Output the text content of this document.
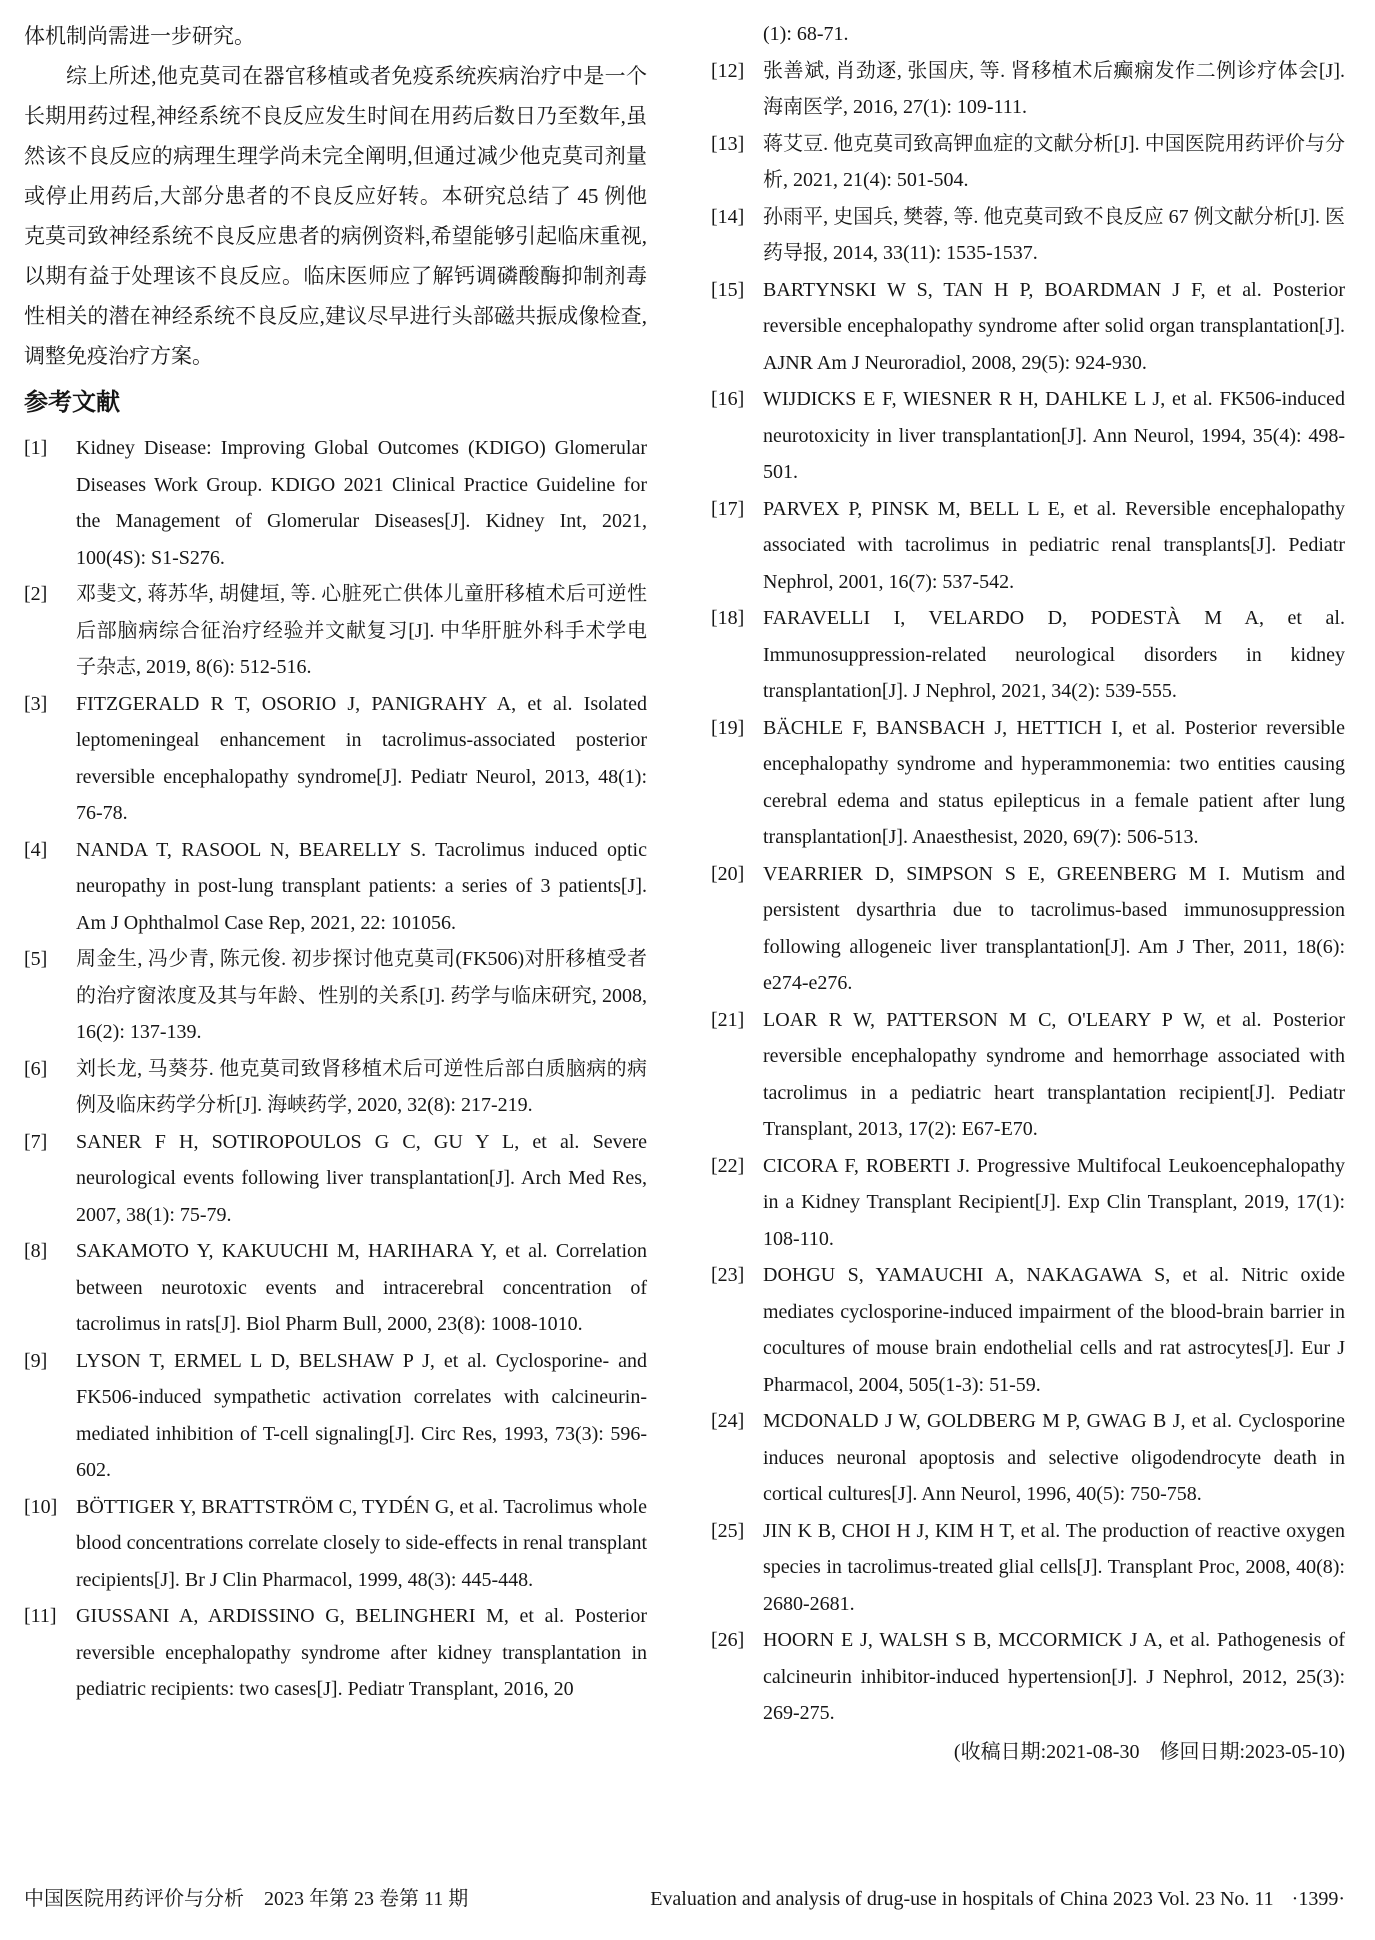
体机制尚需进一步研究。
综上所述,他克莫司在器官移植或者免疫系统疾病治疗中是一个长期用药过程,神经系统不良反应发生时间在用药后数日乃至数年,虽然该不良反应的病理生理学尚未完全阐明,但通过减少他克莫司剂量或停止用药后,大部分患者的不良反应好转。本研究总结了 45 例他克莫司致神经系统不良反应患者的病例资料,希望能够引起临床重视,以期有益于处理该不良反应。临床医师应了解钙调磷酸酶抑制剂毒性相关的潜在神经系统不良反应,建议尽早进行头部磁共振成像检查,调整免疫治疗方案。
参考文献
[1]	Kidney Disease: Improving Global Outcomes (KDIGO) Glomerular Diseases Work Group. KDIGO 2021 Clinical Practice Guideline for the Management of Glomerular Diseases[J]. Kidney Int, 2021, 100(4S): S1-S276.
[2]	邓斐文, 蒋苏华, 胡健垣, 等. 心脏死亡供体儿童肝移植术后可逆性后部脑病综合征治疗经验并文献复习[J]. 中华肝脏外科手术学电子杂志, 2019, 8(6): 512-516.
[3]	FITZGERALD R T, OSORIO J, PANIGRAHY A, et al. Isolated leptomeningeal enhancement in tacrolimus-associated posterior reversible encephalopathy syndrome[J]. Pediatr Neurol, 2013, 48(1): 76-78.
[4]	NANDA T, RASOOL N, BEARELLY S. Tacrolimus induced optic neuropathy in post-lung transplant patients: a series of 3 patients[J]. Am J Ophthalmol Case Rep, 2021, 22: 101056.
[5]	周金生, 冯少青, 陈元俊. 初步探讨他克莫司(FK506)对肝移植受者的治疗窗浓度及其与年龄、性别的关系[J]. 药学与临床研究, 2008, 16(2): 137-139.
[6]	刘长龙, 马葵芬. 他克莫司致肾移植术后可逆性后部白质脑病的病例及临床药学分析[J]. 海峡药学, 2020, 32(8): 217-219.
[7]	SANER F H, SOTIROPOULOS G C, GU Y L, et al. Severe neurological events following liver transplantation[J]. Arch Med Res, 2007, 38(1): 75-79.
[8]	SAKAMOTO Y, KAKUUCHI M, HARIHARA Y, et al. Correlation between neurotoxic events and intracerebral concentration of tacrolimus in rats[J]. Biol Pharm Bull, 2000, 23(8): 1008-1010.
[9]	LYSON T, ERMEL L D, BELSHAW P J, et al. Cyclosporine- and FK506-induced sympathetic activation correlates with calcineurin-mediated inhibition of T-cell signaling[J]. Circ Res, 1993, 73(3): 596-602.
[10] BÖTTIGER Y, BRATTSTRÖM C, TYDÉN G, et al. Tacrolimus whole blood concentrations correlate closely to side-effects in renal transplant recipients[J]. Br J Clin Pharmacol, 1999, 48(3): 445-448.
[11] GIUSSANI A, ARDISSINO G, BELINGHERI M, et al. Posterior reversible encephalopathy syndrome after kidney transplantation in pediatric recipients: two cases[J]. Pediatr Transplant, 2016, 20
(1): 68-71.
[12] 张善斌, 肖劲逐, 张国庆, 等. 肾移植术后癫痫发作二例诊疗体会[J]. 海南医学, 2016, 27(1): 109-111.
[13] 蒋艾豆. 他克莫司致高钾血症的文献分析[J]. 中国医院用药评价与分析, 2021, 21(4): 501-504.
[14] 孙雨平, 史国兵, 樊蓉, 等. 他克莫司致不良反应 67 例文献分析[J]. 医药导报, 2014, 33(11): 1535-1537.
[15] BARTYNSKI W S, TAN H P, BOARDMAN J F, et al. Posterior reversible encephalopathy syndrome after solid organ transplantation[J]. AJNR Am J Neuroradiol, 2008, 29(5): 924-930.
[16] WIJDICKS E F, WIESNER R H, DAHLKE L J, et al. FK506-induced neurotoxicity in liver transplantation[J]. Ann Neurol, 1994, 35(4): 498-501.
[17] PARVEX P, PINSK M, BELL L E, et al. Reversible encephalopathy associated with tacrolimus in pediatric renal transplants[J]. Pediatr Nephrol, 2001, 16(7): 537-542.
[18] FARAVELLI I, VELARDO D, PODESTÀ M A, et al. Immunosuppression-related neurological disorders in kidney transplantation[J]. J Nephrol, 2021, 34(2): 539-555.
[19] BÄCHLE F, BANSBACH J, HETTICH I, et al. Posterior reversible encephalopathy syndrome and hyperammonemia: two entities causing cerebral edema and status epilepticus in a female patient after lung transplantation[J]. Anaesthesist, 2020, 69(7): 506-513.
[20] VEARRIER D, SIMPSON S E, GREENBERG M I. Mutism and persistent dysarthria due to tacrolimus-based immunosuppression following allogeneic liver transplantation[J]. Am J Ther, 2011, 18(6): e274-e276.
[21] LOAR R W, PATTERSON M C, O'LEARY P W, et al. Posterior reversible encephalopathy syndrome and hemorrhage associated with tacrolimus in a pediatric heart transplantation recipient[J]. Pediatr Transplant, 2013, 17(2): E67-E70.
[22] CICORA F, ROBERTI J. Progressive Multifocal Leukoencephalopathy in a Kidney Transplant Recipient[J]. Exp Clin Transplant, 2019, 17(1): 108-110.
[23] DOHGU S, YAMAUCHI A, NAKAGAWA S, et al. Nitric oxide mediates cyclosporine-induced impairment of the blood-brain barrier in cocultures of mouse brain endothelial cells and rat astrocytes[J]. Eur J Pharmacol, 2004, 505(1-3): 51-59.
[24] MCDONALD J W, GOLDBERG M P, GWAG B J, et al. Cyclosporine induces neuronal apoptosis and selective oligodendrocyte death in cortical cultures[J]. Ann Neurol, 1996, 40(5): 750-758.
[25] JIN K B, CHOI H J, KIM H T, et al. The production of reactive oxygen species in tacrolimus-treated glial cells[J]. Transplant Proc, 2008, 40(8): 2680-2681.
[26] HOORN E J, WALSH S B, MCCORMICK J A, et al. Pathogenesis of calcineurin inhibitor-induced hypertension[J]. J Nephrol, 2012, 25(3): 269-275.
(收稿日期:2021-08-30　修回日期:2023-05-10)
中国医院用药评价与分析　2023 年第 23 卷第 11 期	Evaluation and analysis of drug-use in hospitals of China 2023 Vol. 23 No. 11 ·1399·
